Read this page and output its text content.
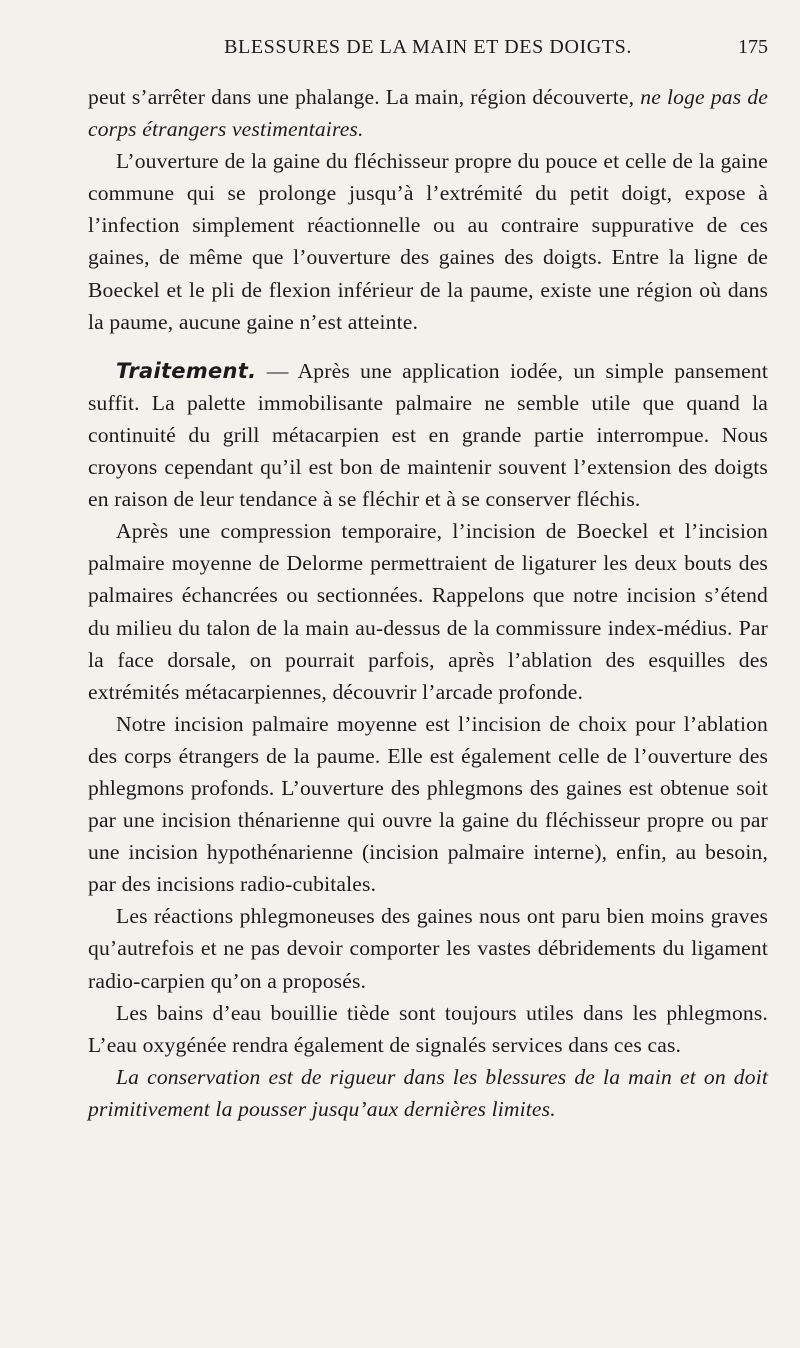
BLESSURES DE LA MAIN ET DES DOIGTS.	175

peut s’arrêter dans une phalange. La main, région découverte, ne loge pas de corps étrangers vestimentaires.

L’ouverture de la gaine du fléchisseur propre du pouce et celle de la gaine commune qui se prolonge jusqu’à l’extrémité du petit doigt, expose à l’infection simplement réactionnelle ou au contraire suppurative de ces gaines, de même que l’ouverture des gaines des doigts. Entre la ligne de Boeckel et le pli de flexion inférieur de la paume, existe une région où dans la paume, aucune gaine n’est atteinte.

Traitement. — Après une application iodée, un simple pansement suffit. La palette immobilisante palmaire ne semble utile que quand la continuité du grill métacarpien est en grande partie interrompue. Nous croyons cependant qu’il est bon de maintenir souvent l’extension des doigts en raison de leur tendance à se fléchir et à se conserver fléchis.

Après une compression temporaire, l’incision de Boeckel et l’incision palmaire moyenne de Delorme permettraient de ligaturer les deux bouts des palmaires échancrées ou sectionnées. Rappelons que notre incision s’étend du milieu du talon de la main au-dessus de la commissure index-médius. Par la face dorsale, on pourrait parfois, après l’ablation des esquilles des extrémités métacarpiennes, découvrir l’arcade profonde.

Notre incision palmaire moyenne est l’incision de choix pour l’ablation des corps étrangers de la paume. Elle est également celle de l’ouverture des phlegmons profonds. L’ouverture des phlegmons des gaines est obtenue soit par une incision thénarienne qui ouvre la gaine du fléchisseur propre ou par une incision hypothénarienne (incision palmaire interne), enfin, au besoin, par des incisions radio-cubitales.

Les réactions phlegmoneuses des gaines nous ont paru bien moins graves qu’autrefois et ne pas devoir comporter les vastes débridements du ligament radio-carpien qu’on a proposés.

Les bains d’eau bouillie tiède sont toujours utiles dans les phlegmons. L’eau oxygénée rendra également de signalés services dans ces cas.

La conservation est de rigueur dans les blessures de la main et on doit primitivement la pousser jusqu’aux dernières limites.
